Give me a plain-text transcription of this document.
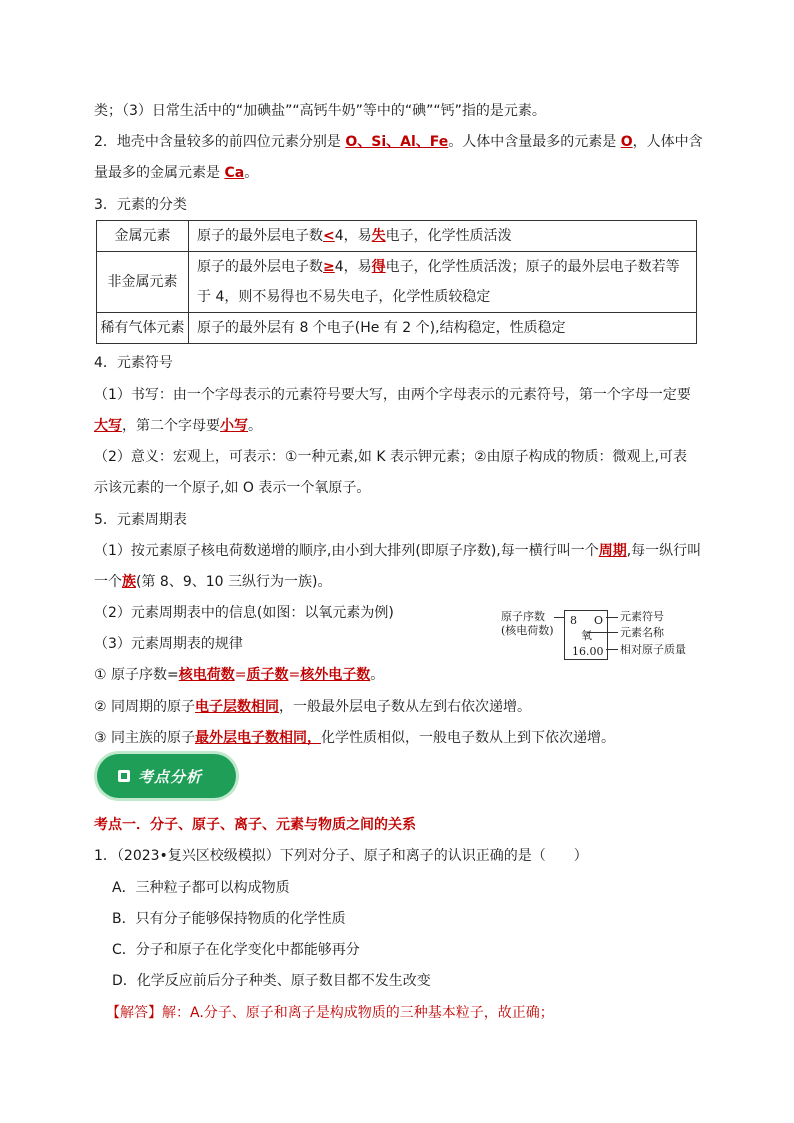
类；（3）日常生活中的“加碘盐”“高钙牛奶”等中的“碘”“钙”指的是元素。
2．地壳中含量较多的前四位元素分别是 O、Si、Al、Fe。人体中含量最多的元素是 O，人体中含
量最多的金属元素是 Ca。
3．元素的分类
金属元素	原子的最外层电子数<4，易失电子，化学性质活泼
非金属元素	原子的最外层电子数≥4，易得电子，化学性质活泼；原子的最外层电子数若等
于 4，则不易得也不易失电子，化学性质较稳定
稀有气体元素	原子的最外层有 8 个电子(He 有 2 个),结构稳定，性质稳定
4．元素符号
（1）书写：由一个字母表示的元素符号要大写，由两个字母表示的元素符号，第一个字母一定要
大写，第二个字母要小写。
（2）意义：宏观上，可表示：①一种元素,如 K 表示钾元素；②由原子构成的物质：微观上,可表
示该元素的一个原子,如 O 表示一个氧原子。
5．元素周期表
（1）按元素原子核电荷数递增的顺序,由小到大排列(即原子序数),每一横行叫一个周期,每一纵行叫
一个族(第 8、9、10 三纵行为一族)。
（2）元素周期表中的信息(如图：以氧元素为例)
（3）元素周期表的规律
原子序数
(核电荷数)
8 O
氧
16.00
元素符号
元素名称
相对原子质量
① 原子序数=核电荷数=质子数=核外电子数。
② 同周期的原子电子层数相同，一般最外层电子数从左到右依次递增。
③ 同主族的原子最外层电子数相同，化学性质相似，一般电子数从上到下依次递增。
考点分析
考点一．分子、原子、离子、元素与物质之间的关系
1．（2023•复兴区校级模拟）下列对分子、原子和离子的认识正确的是（　　）
A．三种粒子都可以构成物质
B．只有分子能够保持物质的化学性质
C．分子和原子在化学变化中都能够再分
D．化学反应前后分子种类、原子数目都不发生改变
【解答】解：A.分子、原子和离子是构成物质的三种基本粒子，故正确；
